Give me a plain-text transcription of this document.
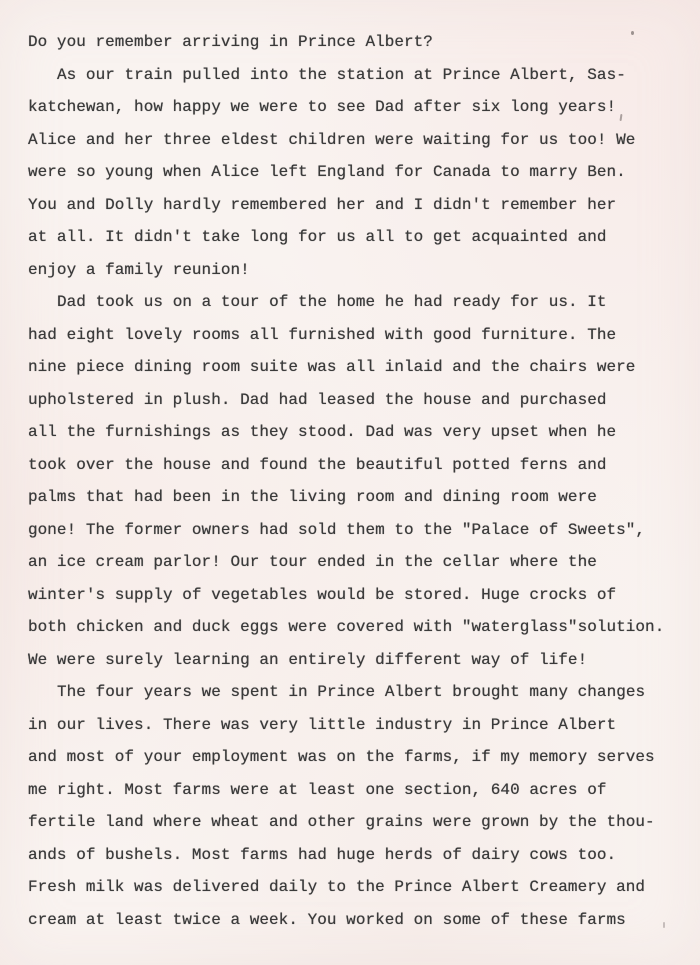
Do you remember arriving in Prince Albert?
As our train pulled into the station at Prince Albert, Sas-
katchewan, how happy we were to see Dad after six long years!
Alice and her three eldest children were waiting for us too! We
were so young when Alice left England for Canada to marry Ben.
You and Dolly hardly remembered her and I didn't remember her
at all. It didn't take long for us all to get acquainted and
enjoy a family reunion!
Dad took us on a tour of the home he had ready for us. It
had eight lovely rooms all furnished with good furniture. The
nine piece dining room suite was all inlaid and the chairs were
upholstered in plush. Dad had leased the house and purchased
all the furnishings as they stood. Dad was very upset when he
took over the house and found the beautiful potted ferns and
palms that had been in the living room and dining room were
gone! The former owners had sold them to the "Palace of Sweets",
an ice cream parlor! Our tour ended in the cellar where the
winter's supply of vegetables would be stored. Huge crocks of
both chicken and duck eggs were covered with "waterglass"solution.
We were surely learning an entirely different way of life!
The four years we spent in Prince Albert brought many changes
in our lives. There was very little industry in Prince Albert
and most of your employment was on the farms, if my memory serves
me right. Most farms were at least one section, 640 acres of
fertile land where wheat and other grains were grown by the thou-
ands of bushels. Most farms had huge herds of dairy cows too.
Fresh milk was delivered daily to the Prince Albert Creamery and
cream at least twice a week. You worked on some of these farms
